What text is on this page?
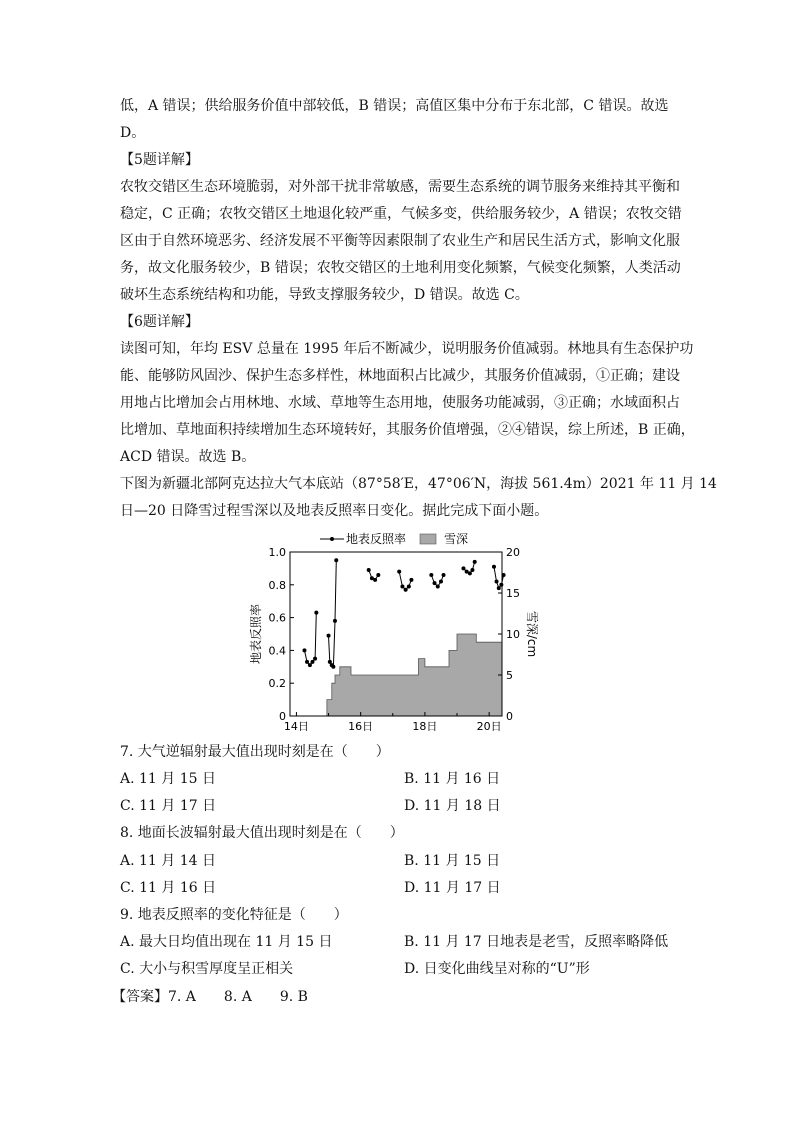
低，A 错误；供给服务价值中部较低，B 错误；高值区集中分布于东北部，C 错误。故选
D。
【5题详解】
农牧交错区生态环境脆弱，对外部干扰非常敏感，需要生态系统的调节服务来维持其平衡和
稳定，C 正确；农牧交错区土地退化较严重，气候多变，供给服务较少，A 错误；农牧交错
区由于自然环境恶劣、经济发展不平衡等因素限制了农业生产和居民生活方式，影响文化服
务，故文化服务较少，B 错误；农牧交错区的土地利用变化频繁，气候变化频繁，人类活动
破坏生态系统结构和功能，导致支撑服务较少，D 错误。故选 C。
【6题详解】
读图可知，年均 ESV 总量在 1995 年后不断减少，说明服务价值减弱。林地具有生态保护功
能、能够防风固沙、保护生态多样性，林地面积占比减少，其服务价值减弱，①正确；建设
用地占比增加会占用林地、水域、草地等生态用地，使服务功能减弱，③正确；水域面积占
比增加、草地面积持续增加生态环境转好，其服务价值增强，②④错误，综上所述，B 正确，
ACD 错误。故选 B。
下图为新疆北部阿克达拉大气本底站（87°58′E，47°06′N，海拔 561.4m）2021 年 11 月 14
日—20 日降雪过程雪深以及地表反照率日变化。据此完成下面小题。
0
0.2
0.4
0.6
0.8
1.0
0
5
10
15
20
14日	16日	18日	20日
地表反照率	雪深/cm
地表反照率	雪深
7. 大气逆辐射最大值出现时刻是在（　　）
A. 11 月 15 日	B. 11 月 16 日
C. 11 月 17 日	D. 11 月 18 日
8. 地面长波辐射最大值出现时刻是在（　　）
A. 11 月 14 日	B. 11 月 15 日
C. 11 月 16 日	D. 11 月 17 日
9. 地表反照率的变化特征是（　　）
A. 最大日均值出现在 11 月 15 日	B. 11 月 17 日地表是老雪，反照率略降低
C. 大小与积雪厚度呈正相关	D. 日变化曲线呈对称的“U”形
【答案】7. A　　8. A　　9. B
